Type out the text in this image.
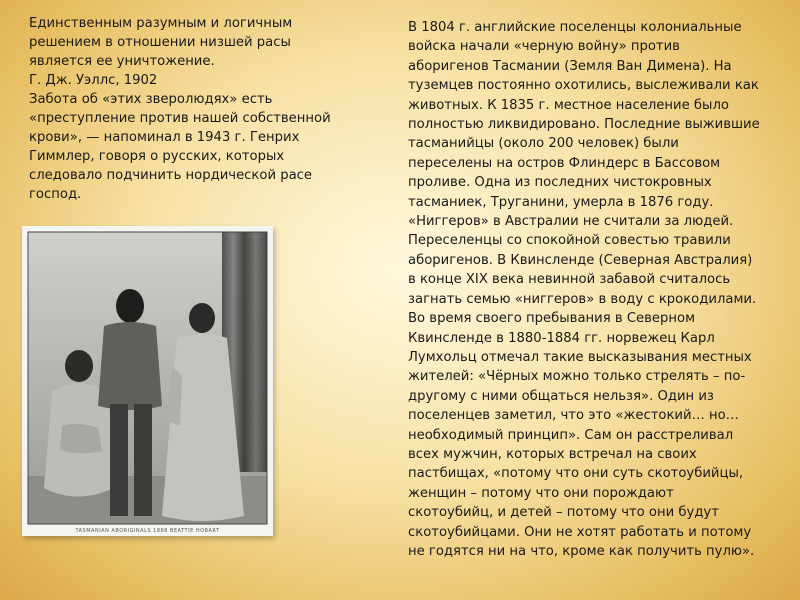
Единственным разумным и логичным

решением в отношении низшей расы

является ее уничтожение.

Г. Дж. Уэллс, 1902

Забота об «этих зверолюдях» есть

«преступление против нашей собственной

крови», — напоминал в 1943 г. Генрих

Гиммлер, говоря о русских, которых

следовало подчинить нордической расе

господ.

TASMANIAN ABORIGINALS 1868 BEATTIE HOBART
В 1804 г. английские поселенцы колониальные
войска начали «черную войну» против
аборигенов Тасмании (Земля Ван Димена). На
туземцев постоянно охотились, выслеживали как
животных. К 1835 г. местное население было
полностью ликвидировано. Последние выжившие
тасманийцы (около 200 человек) были
переселены на остров Флиндерс в Бассовом
проливе. Одна из последних чистокровных
тасманиек, Труганини, умерла в 1876 году.
«Ниггеров» в Австралии не считали за людей.
Переселенцы со спокойной совестью травили
аборигенов. В Квинсленде (Северная Австралия)
в конце XIX века невинной забавой считалось
загнать семью «ниггеров» в воду с крокодилами.
Во время своего пребывания в Северном
Квинсленде в 1880-1884 гг. норвежец Карл
Лумхольц отмечал такие высказывания местных
жителей: «Чёрных можно только стрелять – по-
другому с ними общаться нельзя». Один из
поселенцев заметил, что это «жестокий… но…
необходимый принцип». Сам он расстреливал
всех мужчин, которых встречал на своих
пастбищах, «потому что они суть скотоубийцы,
женщин – потому что они порождают
скотоубийц, и детей – потому что они будут
скотоубийцами. Они не хотят работать и потому
не годятся ни на что, кроме как получить пулю».
